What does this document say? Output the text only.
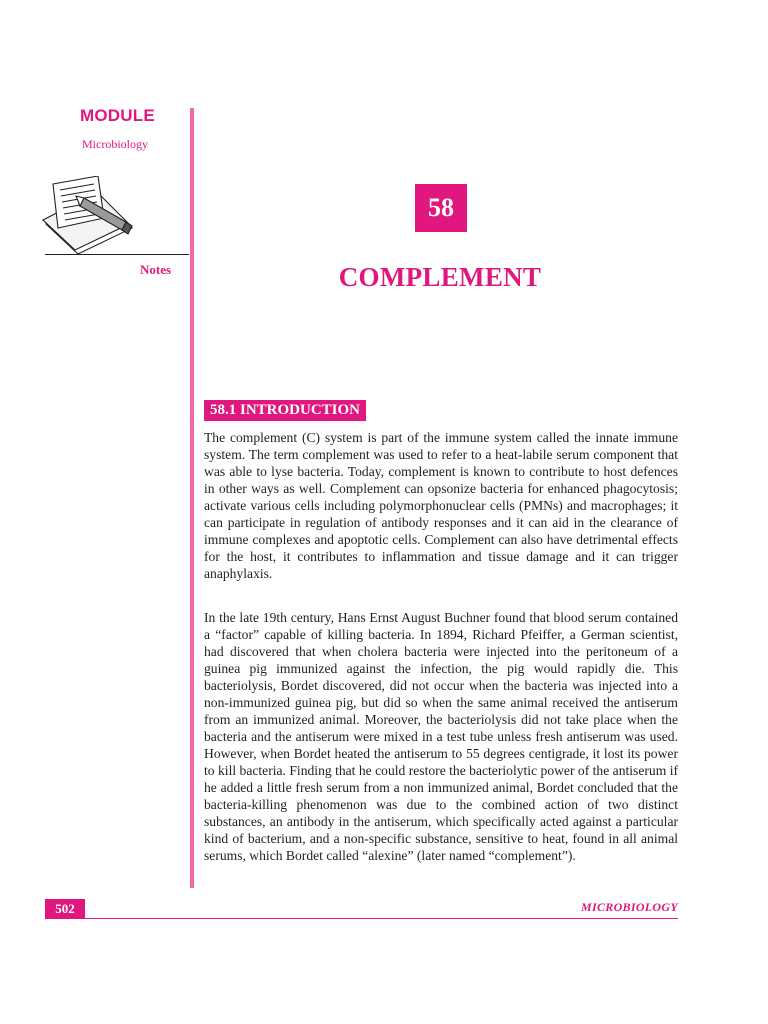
MODULE
Microbiology
Notes
58
COMPLEMENT
58.1 INTRODUCTION

The complement (C) system is part of the immune system called the innate immune system. The term complement was used to refer to a heat-labile serum component that was able to lyse bacteria. Today, complement is known to contribute to host defences in other ways as well. Complement can opsonize bacteria for enhanced phagocytosis; activate various cells including polymorphonuclear cells (PMNs) and macrophages; it can participate in regulation of antibody responses and it can aid in the clearance of immune complexes and apoptotic cells. Complement can also have detrimental effects for the host, it contributes to inflammation and tissue damage and it can trigger anaphylaxis.

In the late 19th century, Hans Ernst August Buchner found that blood serum contained a “factor” capable of killing bacteria. In 1894, Richard Pfeiffer, a German scientist, had discovered that when cholera bacteria were injected into the peritoneum of a guinea pig immunized against the infection, the pig would rapidly die. This bacteriolysis, Bordet discovered, did not occur when the bacteria was injected into a non-immunized guinea pig, but did so when the same animal received the antiserum from an immunized animal. Moreover, the bacteriolysis did not take place when the bacteria and the antiserum were mixed in a test tube unless fresh antiserum was used. However, when Bordet heated the antiserum to 55 degrees centigrade, it lost its power to kill bacteria. Finding that he could restore the bacteriolytic power of the antiserum if he added a little fresh serum from a non immunized animal, Bordet concluded that the bacteria-killing phenomenon was due to the combined action of two distinct substances, an antibody in the antiserum, which specifically acted against a particular kind of bacterium, and a non-specific substance, sensitive to heat, found in all animal serums, which Bordet called “alexine” (later named “complement”).

502	MICROBIOLOGY
